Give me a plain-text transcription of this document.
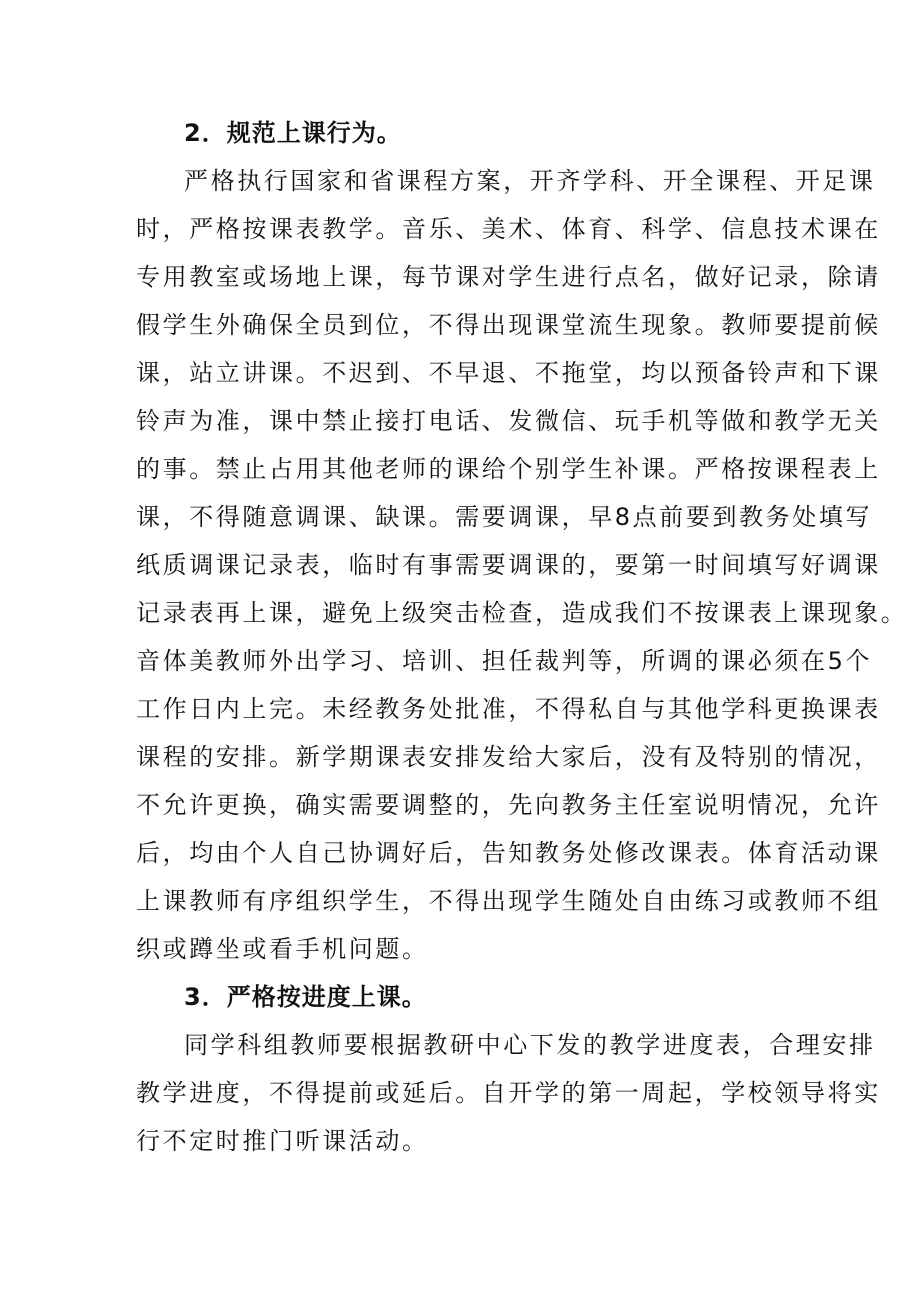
2．规范上课行为。
严格执行国家和省课程方案，开齐学科、开全课程、开足课
时，严格按课表教学。音乐、美术、体育、科学、信息技术课在
专用教室或场地上课，每节课对学生进行点名，做好记录，除请
假学生外确保全员到位，不得出现课堂流生现象。教师要提前候
课，站立讲课。不迟到、不早退、不拖堂，均以预备铃声和下课
铃声为准，课中禁止接打电话、发微信、玩手机等做和教学无关
的事。禁止占用其他老师的课给个别学生补课。严格按课程表上
课，不得随意调课、缺课。需要调课，早8点前要到教务处填写
纸质调课记录表，临时有事需要调课的，要第一时间填写好调课
记录表再上课，避免上级突击检查，造成我们不按课表上课现象。
音体美教师外出学习、培训、担任裁判等，所调的课必须在5个
工作日内上完。未经教务处批准，不得私自与其他学科更换课表
课程的安排。新学期课表安排发给大家后，没有及特别的情况，
不允许更换，确实需要调整的，先向教务主任室说明情况，允许
后，均由个人自己协调好后，告知教务处修改课表。体育活动课
上课教师有序组织学生，不得出现学生随处自由练习或教师不组
织或蹲坐或看手机问题。
3．严格按进度上课。
同学科组教师要根据教研中心下发的教学进度表，合理安排
教学进度，不得提前或延后。自开学的第一周起，学校领导将实
行不定时推门听课活动。
